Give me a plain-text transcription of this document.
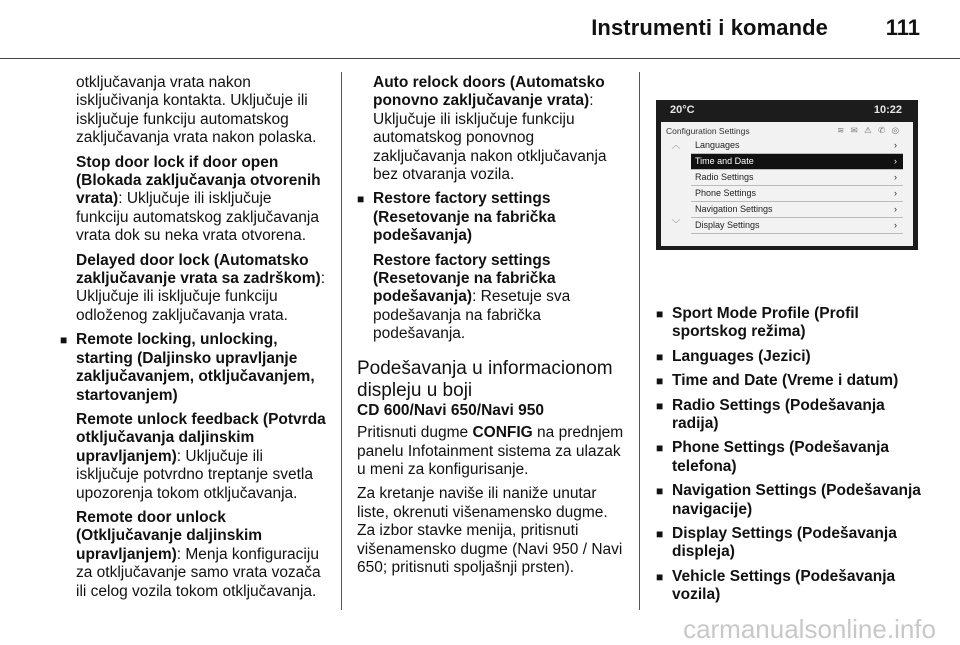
Instrumenti i komande	111

otključavanja vrata nakon isključivanja kontakta. Uključuje ili isključuje funkciju automatskog zaključavanja vrata nakon polaska.

Stop door lock if door open (Blokada zaključavanja otvorenih vrata): Uključuje ili isključuje funkciju automatskog zaključavanja vrata dok su neka vrata otvorena.

Delayed door lock (Automatsko zaključavanje vrata sa zadrškom): Uključuje ili isključuje funkciju odloženog zaključavanja vrata.

■ Remote locking, unlocking, starting (Daljinsko upravljanje zaključavanjem, otključavanjem, startovanjem)

Remote unlock feedback (Potvrda otključavanja daljinskim upravljanjem): Uključuje ili isključuje potvrdno treptanje svetla upozorenja tokom otključavanja.

Remote door unlock (Otključavanje daljinskim upravljanjem): Menja konfiguraciju za otključavanje samo vrata vozača ili celog vozila tokom otključavanja.

Auto relock doors (Automatsko ponovno zaključavanje vrata): Uključuje ili isključuje funkciju automatskog ponovnog zaključavanja nakon otključavanja bez otvaranja vozila.

■ Restore factory settings (Resetovanje na fabrička podešavanja)

Restore factory settings (Resetovanje na fabrička podešavanja): Resetuje sva podešavanja na fabrička podešavanja.

Podešavanja u informacionom displeju u boji
CD 600/Navi 650/Navi 950

Pritisnuti dugme CONFIG na prednjem panelu Infotainment sistema za ulazak u meni za konfigurisanje.

Za kretanje naviše ili naniže unutar liste, okrenuti višenamensko dugme. Za izbor stavke menija, pritisnuti višenamensko dugme (Navi 950 / Navi 650; pritisnuti spoljašnji prsten).

20°C	10:22
Configuration Settings	≋ ✉ ⚠ ✆ ◎
︿
﹀
Languages	›
Time and Date	›
Radio Settings	›
Phone Settings	›
Navigation Settings	›
Display Settings	›
■ Sport Mode Profile (Profil sportskog režima)
■ Languages (Jezici)
■ Time and Date (Vreme i datum)
■ Radio Settings (Podešavanja radija)
■ Phone Settings (Podešavanja telefona)
■ Navigation Settings (Podešavanja navigacije)
■ Display Settings (Podešavanja displeja)
■ Vehicle Settings (Podešavanja vozila)
carmanualsonline.info
